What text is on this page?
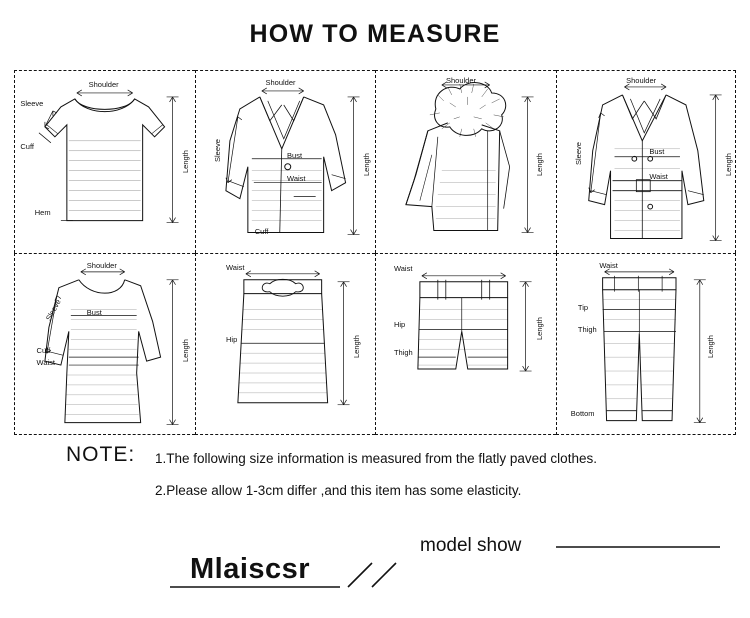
HOW TO MEASURE
Shoulder
Sleeve
Cuff
Hem
Length
Shoulder
Sleeve	Bust
Waist
Cuff
Length
Shoulder
Length
Shoulder
Sleeve	Bust
Waist	Length
Shoulder
Sleeve	Bust
Cuff
Waist
Length
Waist
Hip	Length
Waist
Hip
Thigh
Length
Waist
Tip
Thigh
Bottom
Length
NOTE: 1.The following size information is measured from the flatly paved clothes.
2.Please allow 1-3cm differ ,and this item has some elasticity.
Mlaiscsr
model show
